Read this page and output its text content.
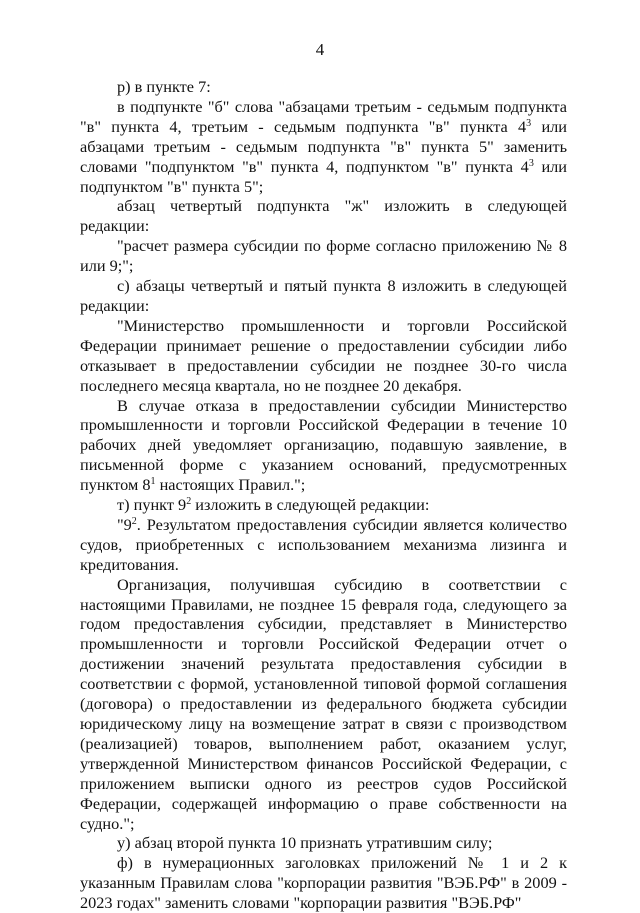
4

р) в пункте 7:

в подпункте "б" слова "абзацами третьим - седьмым подпункта "в" пункта 4, третьим - седьмым подпункта "в" пункта $4^3$ или абзацами третьим - седьмым подпункта "в" пункта 5" заменить словами "подпунктом "в" пункта 4, подпунктом "в" пункта $4^3$ или подпунктом "в" пункта 5";

абзац четвертый подпункта "ж" изложить в следующей редакции:

"расчет размера субсидии по форме согласно приложению № 8 или 9;";

с) абзацы четвертый и пятый пункта 8 изложить в следующей редакции:

"Министерство промышленности и торговли Российской Федерации принимает решение о предоставлении субсидии либо отказывает в предоставлении субсидии не позднее 30-го числа последнего месяца квартала, но не позднее 20 декабря.

В случае отказа в предоставлении субсидии Министерство промышленности и торговли Российской Федерации в течение 10 рабочих дней уведомляет организацию, подавшую заявление, в письменной форме с указанием оснований, предусмотренных пунктом $8^1$ настоящих Правил.";

т) пункт $9^2$ изложить в следующей редакции:

"$9^2$. Результатом предоставления субсидии является количество судов, приобретенных с использованием механизма лизинга и кредитования.

Организация, получившая субсидию в соответствии с настоящими Правилами, не позднее 15 февраля года, следующего за годом предоставления субсидии, представляет в Министерство промышленности и торговли Российской Федерации отчет о достижении значений результата предоставления субсидии в соответствии с формой, установленной типовой формой соглашения (договора) о предоставлении из федерального бюджета субсидии юридическому лицу на возмещение затрат в связи с производством (реализацией) товаров, выполнением работ, оказанием услуг, утвержденной Министерством финансов Российской Федерации, с приложением выписки одного из реестров судов Российской Федерации, содержащей информацию о праве собственности на судно.";

у) абзац второй пункта 10 признать утратившим силу;

ф) в нумерационных заголовках приложений № 1 и 2 к указанным Правилам слова "корпорации развития "ВЭБ.РФ" в 2009 - 2023 годах" заменить словами "корпорации развития "ВЭБ.РФ"
